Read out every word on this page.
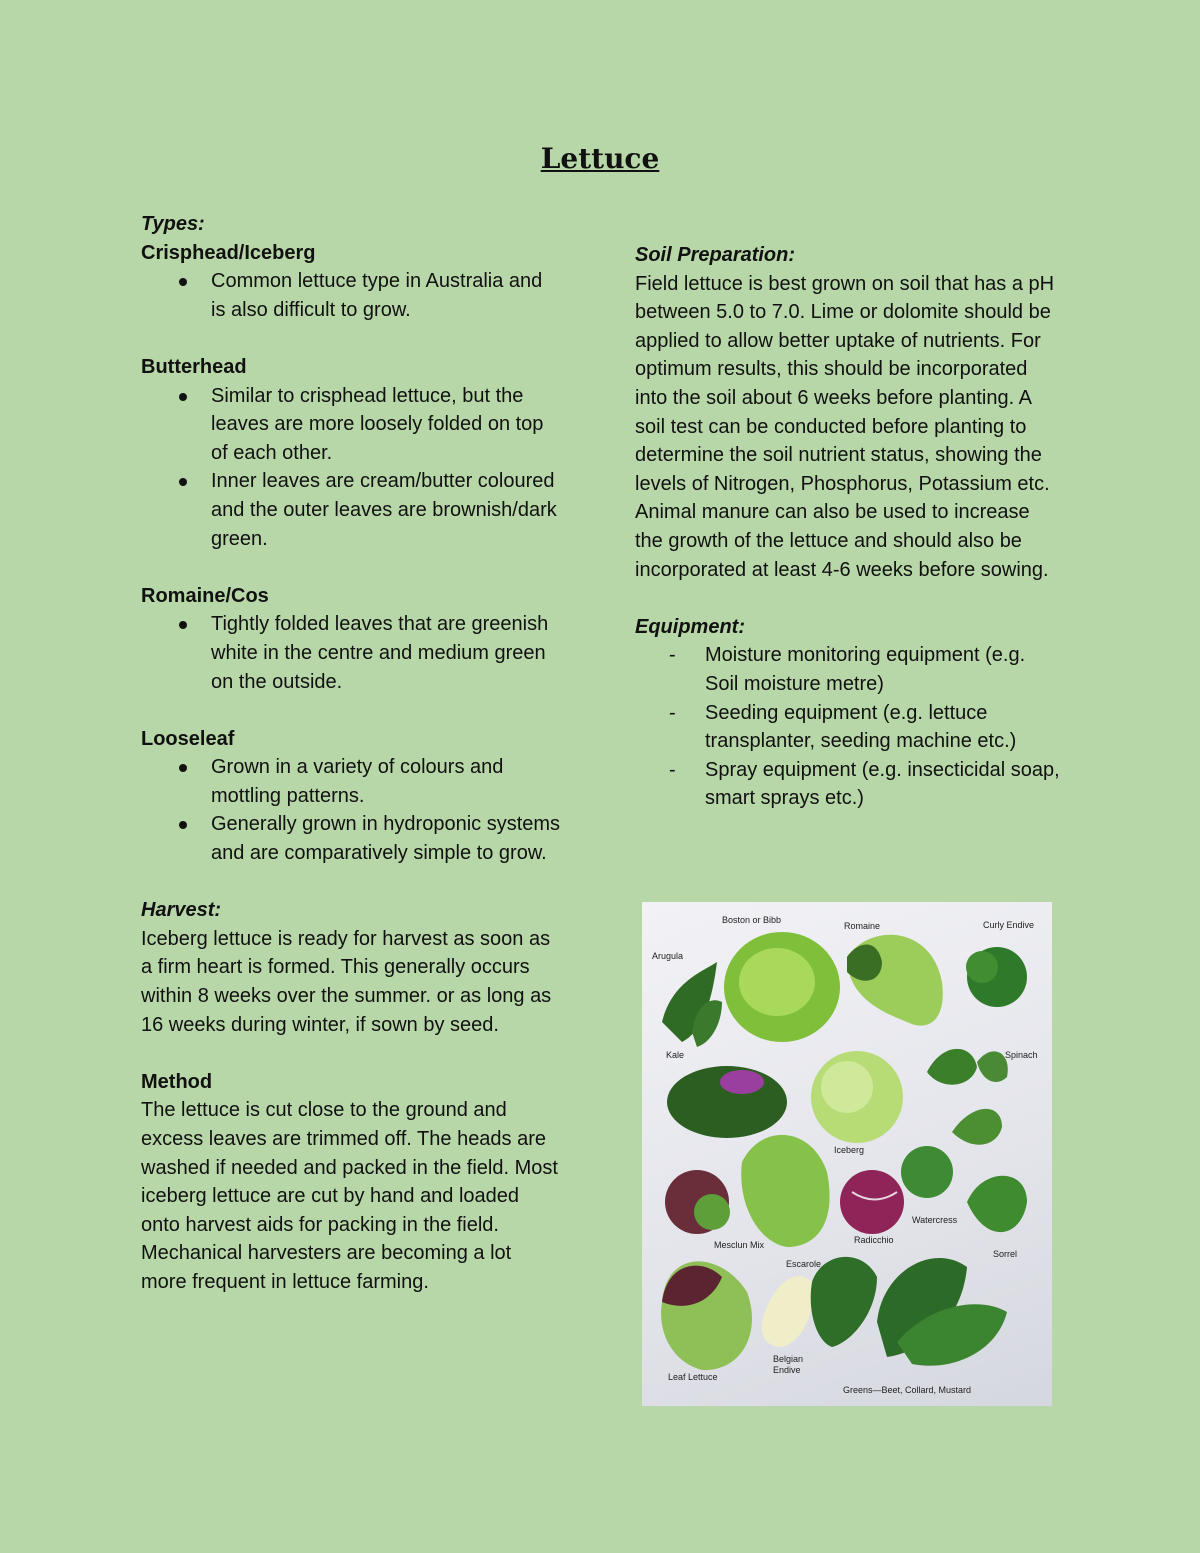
Lettuce
Types:
Crisphead/Iceberg
Common lettuce type in Australia and is also difficult to grow.
Butterhead
Similar to crisphead lettuce, but the leaves are more loosely folded on top of each other.
Inner leaves are cream/butter coloured and the outer leaves are brownish/dark green.
Romaine/Cos
Tightly folded leaves that are greenish white in the centre and medium green on the outside.
Looseleaf
Grown in a variety of colours and mottling patterns.
Generally grown in hydroponic systems and are comparatively simple to grow.
Harvest:

Iceberg lettuce is ready for harvest as soon as a firm heart is formed. This generally occurs within 8 weeks over the summer. or as long as 16 weeks during winter, if sown by seed.

Method

The lettuce is cut close to the ground and excess leaves are trimmed off. The heads are washed if needed and packed in the field. Most iceberg lettuce are cut by hand and loaded onto harvest aids for packing in the field. Mechanical harvesters are becoming a lot more frequent in lettuce farming.

Soil Preparation:

Field lettuce is best grown on soil that has a pH between 5.0 to 7.0. Lime or dolomite should be applied to allow better uptake of nutrients. For optimum results, this should be incorporated into the soil about 6 weeks before planting. A soil test can be conducted before planting to determine the soil nutrient status, showing the levels of Nitrogen, Phosphorus, Potassium etc. Animal manure can also be used to increase the growth of the lettuce and should also be incorporated at least 4-6 weeks before sowing.

Equipment:
- Moisture monitoring equipment (e.g. Soil moisture metre)
- Seeding equipment (e.g. lettuce transplanter, seeding machine etc.)
- Spray equipment (e.g. insecticidal soap, smart sprays etc.)
Boston or Bibb
Romaine	Curly Endive
Arugula
Kale	Spinach
Iceberg
Watercress
Mesclun Mix	Radicchio
Sorrel
Escarole
Belgian
Endive
Leaf Lettuce
Greens—Beet, Collard, Mustard
